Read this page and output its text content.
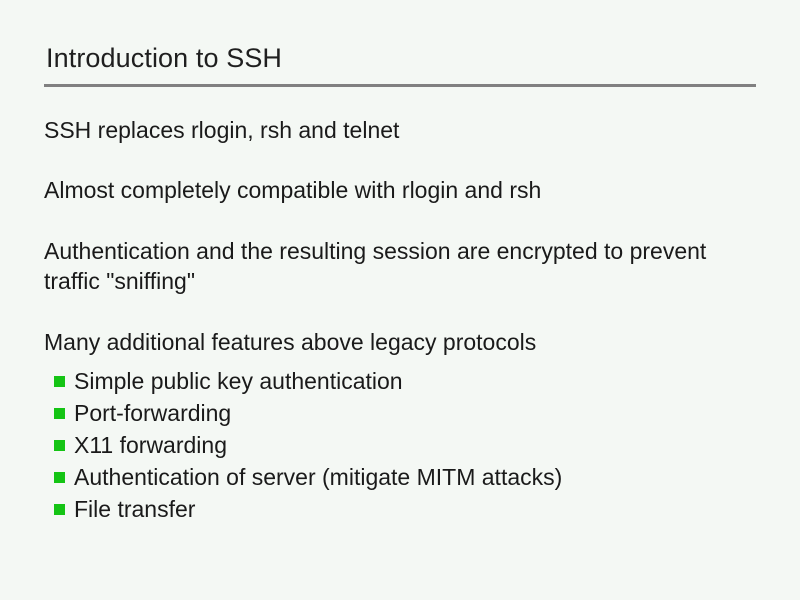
Introduction to SSH

SSH replaces rlogin, rsh and telnet

Almost completely compatible with rlogin and rsh

Authentication and the resulting session are encrypted to prevent traffic "sniffing"

Many additional features above legacy protocols

Simple public key authentication
Port-forwarding
X11 forwarding
Authentication of server (mitigate MITM attacks)
File transfer
